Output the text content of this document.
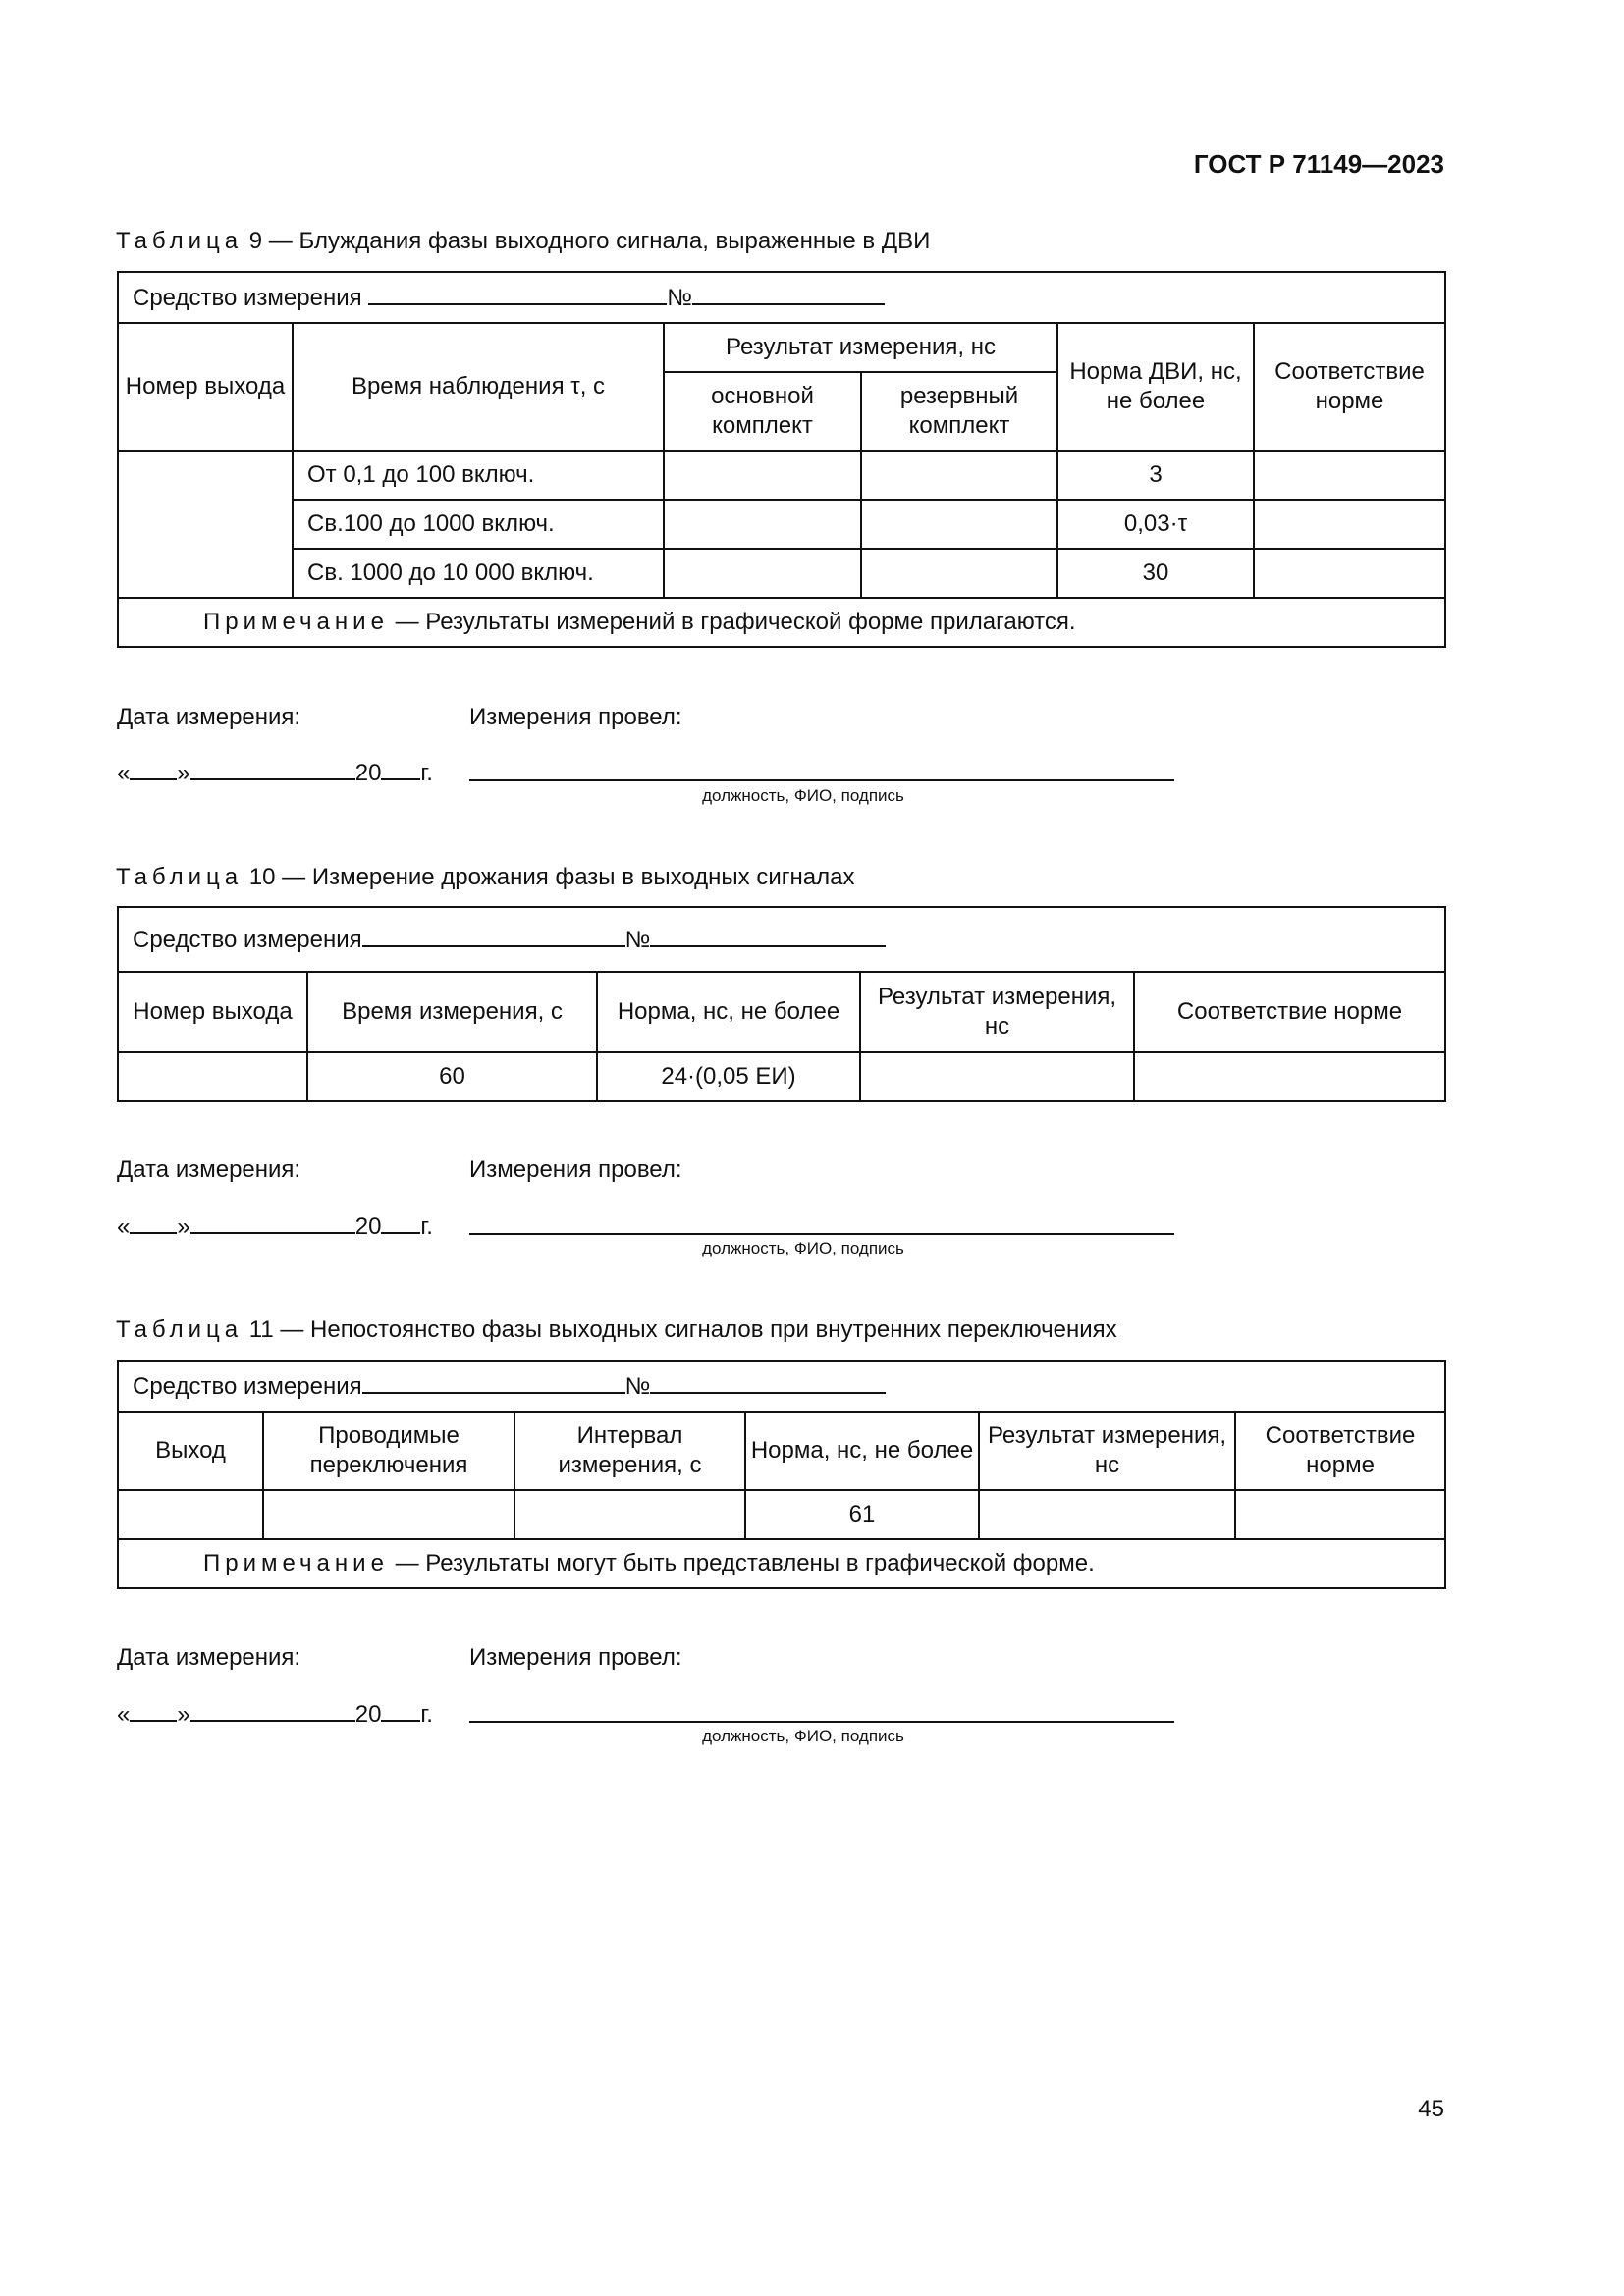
ГОСТ Р 71149—2023
Таблица 9 — Блуждания фазы выходного сигнала, выраженные в ДВИ
Средство измерения №					
Номер выхода	Время наблюдения τ, с	Результат измерения, нс		Норма ДВИ, нс, не более	Соответствие норме
		основной комплект	резервный комплект		
	От 0,1 до 100 включ.			3	
	Св.100 до 1000 включ.			0,03·τ	
	Св. 1000 до 10 000 включ.			30	
Примечание — Результаты измерений в графической форме прилагаются.					
Дата измерения:	Измерения провел:
« »	20 г.
должность, ФИО, подпись
Таблица 10 — Измерение дрожания фазы в выходных сигналах
Средство измерения №				
Номер выхода	Время измерения, с	Норма, нс, не более	Результат измерения, нс	Соответствие норме
	60	24·(0,05 ЕИ)		
Дата измерения:	Измерения провел:
« »	20 г.
должность, ФИО, подпись
Таблица 11 — Непостоянство фазы выходных сигналов при внутренних переключениях
Средство измерения №					
Выход	Проводимые переключения	Интервал измерения, с	Норма, нс, не более	Результат измерения, нс	Соответствие норме
			61		
Примечание — Результаты могут быть представлены в графической форме.					
Дата измерения:	Измерения провел:
« »	20 г.
должность, ФИО, подпись
45
